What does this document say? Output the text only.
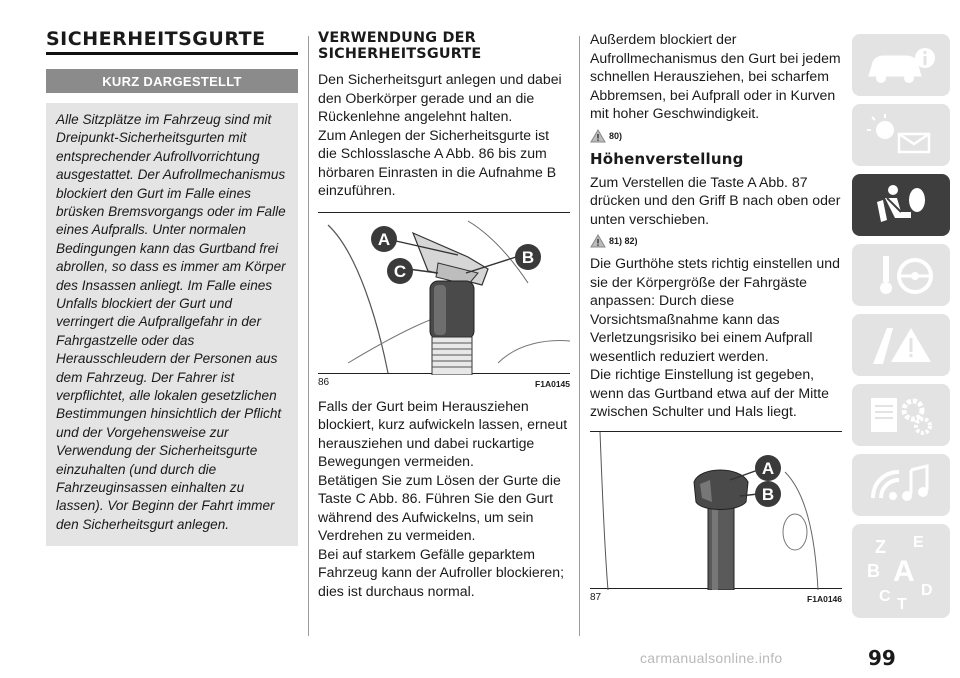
SICHERHEITSGURTE
KURZ DARGESTELLT

Alle Sitzplätze im Fahrzeug sind mit Dreipunkt-Sicherheitsgurten mit entsprechender Aufrollvorrichtung ausgestattet. Der Aufrollmechanismus blockiert den Gurt im Falle eines brüsken Bremsvorgangs oder im Falle eines Aufpralls. Unter normalen Bedingungen kann das Gurtband frei abrollen, so dass es immer am Körper des Insassen anliegt. Im Falle eines Unfalls blockiert der Gurt und verringert die Aufprallgefahr in der Fahrgastzelle oder das Herausschleudern der Personen aus dem Fahrzeug. Der Fahrer ist verpflichtet, alle lokalen gesetzlichen Bestimmungen hinsichtlich der Pflicht und der Vorgehensweise zur Verwendung der Sicherheitsgurte einzuhalten (und durch die Fahrzeuginsassen einhalten zu lassen). Vor Beginn der Fahrt immer den Sicherheitsgurt anlegen.

VERWENDUNG DER
SICHERHEITSGURTE

Den Sicherheitsgurt anlegen und dabei den Oberkörper gerade und an die Rückenlehne angelehnt halten.

Zum Anlegen der Sicherheitsgurte ist die Schlosslasche A Abb. 86 bis zum hörbaren Einrasten in die Aufnahme B einzuführen.

A
B
C
86	F1A0145

Falls der Gurt beim Herausziehen blockiert, kurz aufwickeln lassen, erneut herausziehen und dabei ruckartige Bewegungen vermeiden.

Betätigen Sie zum Lösen der Gurte die Taste C Abb. 86. Führen Sie den Gurt während des Aufwickelns, um sein Verdrehen zu vermeiden.

Bei auf starkem Gefälle geparktem Fahrzeug kann der Aufroller blockieren; dies ist durchaus normal.

Außerdem blockiert der Aufrollmechanismus den Gurt bei jedem schnellen Herausziehen, bei scharfem Abbremsen, bei Aufprall oder in Kurven mit hoher Geschwindigkeit.

80)
Höhenverstellung

Zum Verstellen die Taste A Abb. 87 drücken und den Griff B nach oben oder unten verschieben.

81) 82)

Die Gurthöhe stets richtig einstellen und sie der Körpergröße der Fahrgäste anpassen: Durch diese Vorsichtsmaßnahme kann das Verletzungsrisiko bei einem Aufprall wesentlich reduziert werden.

Die richtige Einstellung ist gegeben, wenn das Gurtband etwa auf der Mitte zwischen Schulter und Hals liegt.

A
B
87	F1A0146
Z E
B A
C T
D
99
carmanualsonline.info
